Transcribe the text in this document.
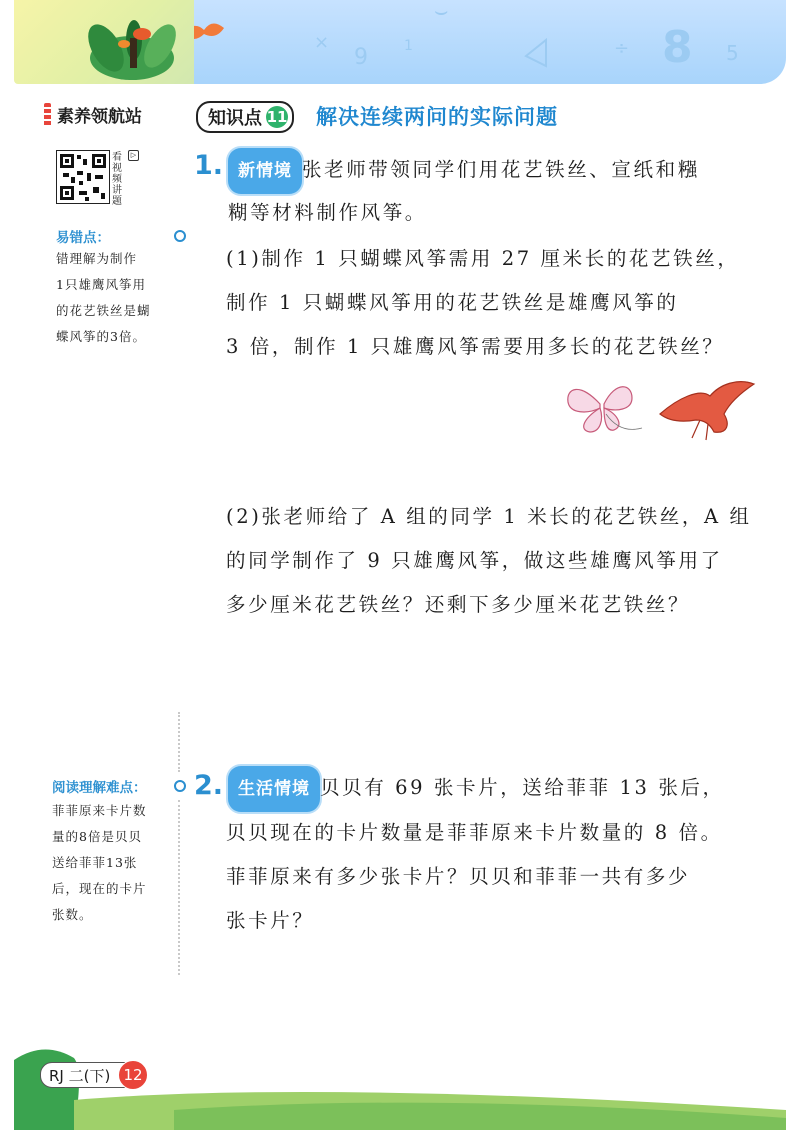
⌣
×
9	1	÷ 8 5
素养领航站
看视频讲题
▷
易错点：
错理解为制作
1只雄鹰风筝用
的花艺铁丝是蝴
蝶风筝的3倍。
阅读理解难点：
菲菲原来卡片数
量的8倍是贝贝
送给菲菲13张
后，现在的卡片
张数。
知识点 11 解决连续两问的实际问题
1. 新情境 张老师带领同学们用花艺铁丝、宣纸和糨
糊等材料制作风筝。
(1)制作 1 只蝴蝶风筝需用 27 厘米长的花艺铁丝，
制作 1 只蝴蝶风筝用的花艺铁丝是雄鹰风筝的
3 倍，制作 1 只雄鹰风筝需要用多长的花艺铁丝？
(2)张老师给了 A 组的同学 1 米长的花艺铁丝，A 组
的同学制作了 9 只雄鹰风筝，做这些雄鹰风筝用了
多少厘米花艺铁丝？还剩下多少厘米花艺铁丝？
2. 生活情境 贝贝有 69 张卡片，送给菲菲 13 张后，
贝贝现在的卡片数量是菲菲原来卡片数量的 8 倍。
菲菲原来有多少张卡片？贝贝和菲菲一共有多少
张卡片？
RJ 二(下) 12
